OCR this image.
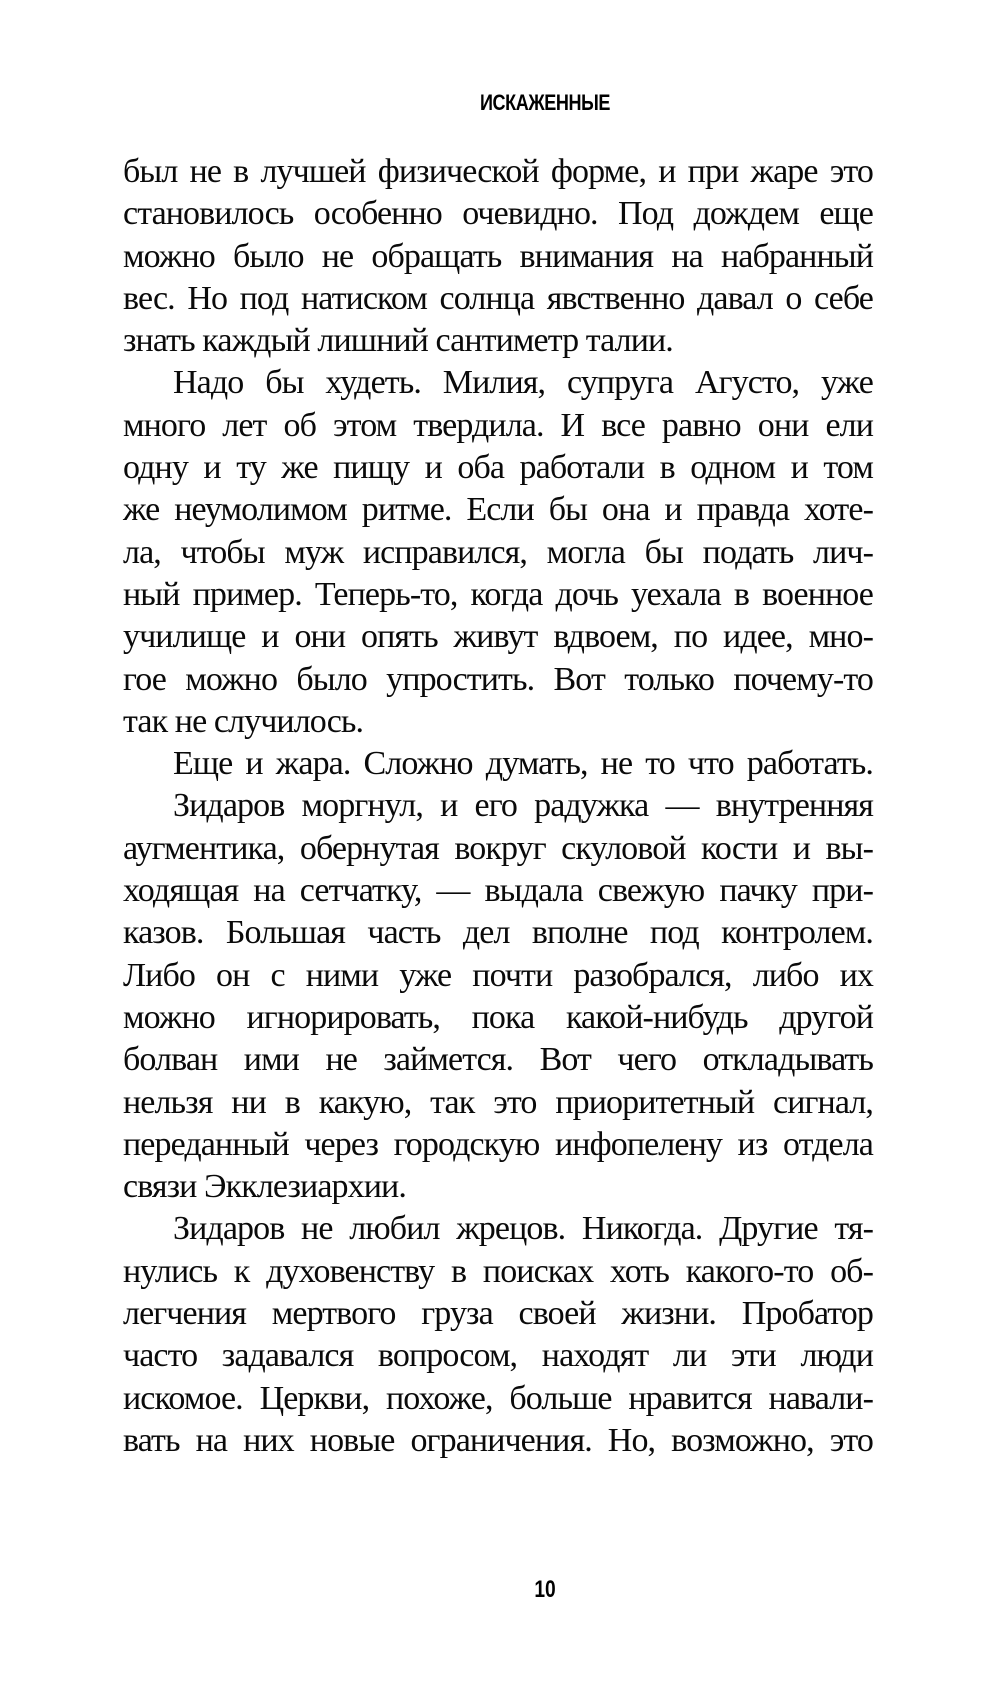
ИСКАЖЕННЫЕ
был не в лучшей физической форме, и при жаре это
становилось особенно очевидно. Под дождем еще
можно было не обращать внимания на набранный
вес. Но под натиском солнца явственно давал о себе
знать каждый лишний сантиметр талии.
Надо бы худеть. Милия, супруга Агусто, уже
много лет об этом твердила. И все равно они ели
одну и ту же пищу и оба работали в одном и том
же неумолимом ритме. Если бы она и правда хоте-
ла, чтобы муж исправился, могла бы подать лич-
ный пример. Теперь-то, когда дочь уехала в военное
училище и они опять живут вдвоем, по идее, мно-
гое можно было упростить. Вот только почему-то
так не случилось.
Еще и жара. Сложно думать, не то что работать.
Зидаров моргнул, и его радужка — внутренняя
аугментика, обернутая вокруг скуловой кости и вы-
ходящая на сетчатку, — выдала свежую пачку при-
казов. Большая часть дел вполне под контролем.
Либо он с ними уже почти разобрался, либо их
можно игнорировать, пока какой-нибудь другой
болван ими не займется. Вот чего откладывать
нельзя ни в какую, так это приоритетный сигнал,
переданный через городскую инфопелену из отдела
связи Экклезиархии.
Зидаров не любил жрецов. Никогда. Другие тя-
нулись к духовенству в поисках хоть какого-то об-
легчения мертвого груза своей жизни. Пробатор
часто задавался вопросом, находят ли эти люди
искомое. Церкви, похоже, больше нравится навали-
вать на них новые ограничения. Но, возможно, это
10
